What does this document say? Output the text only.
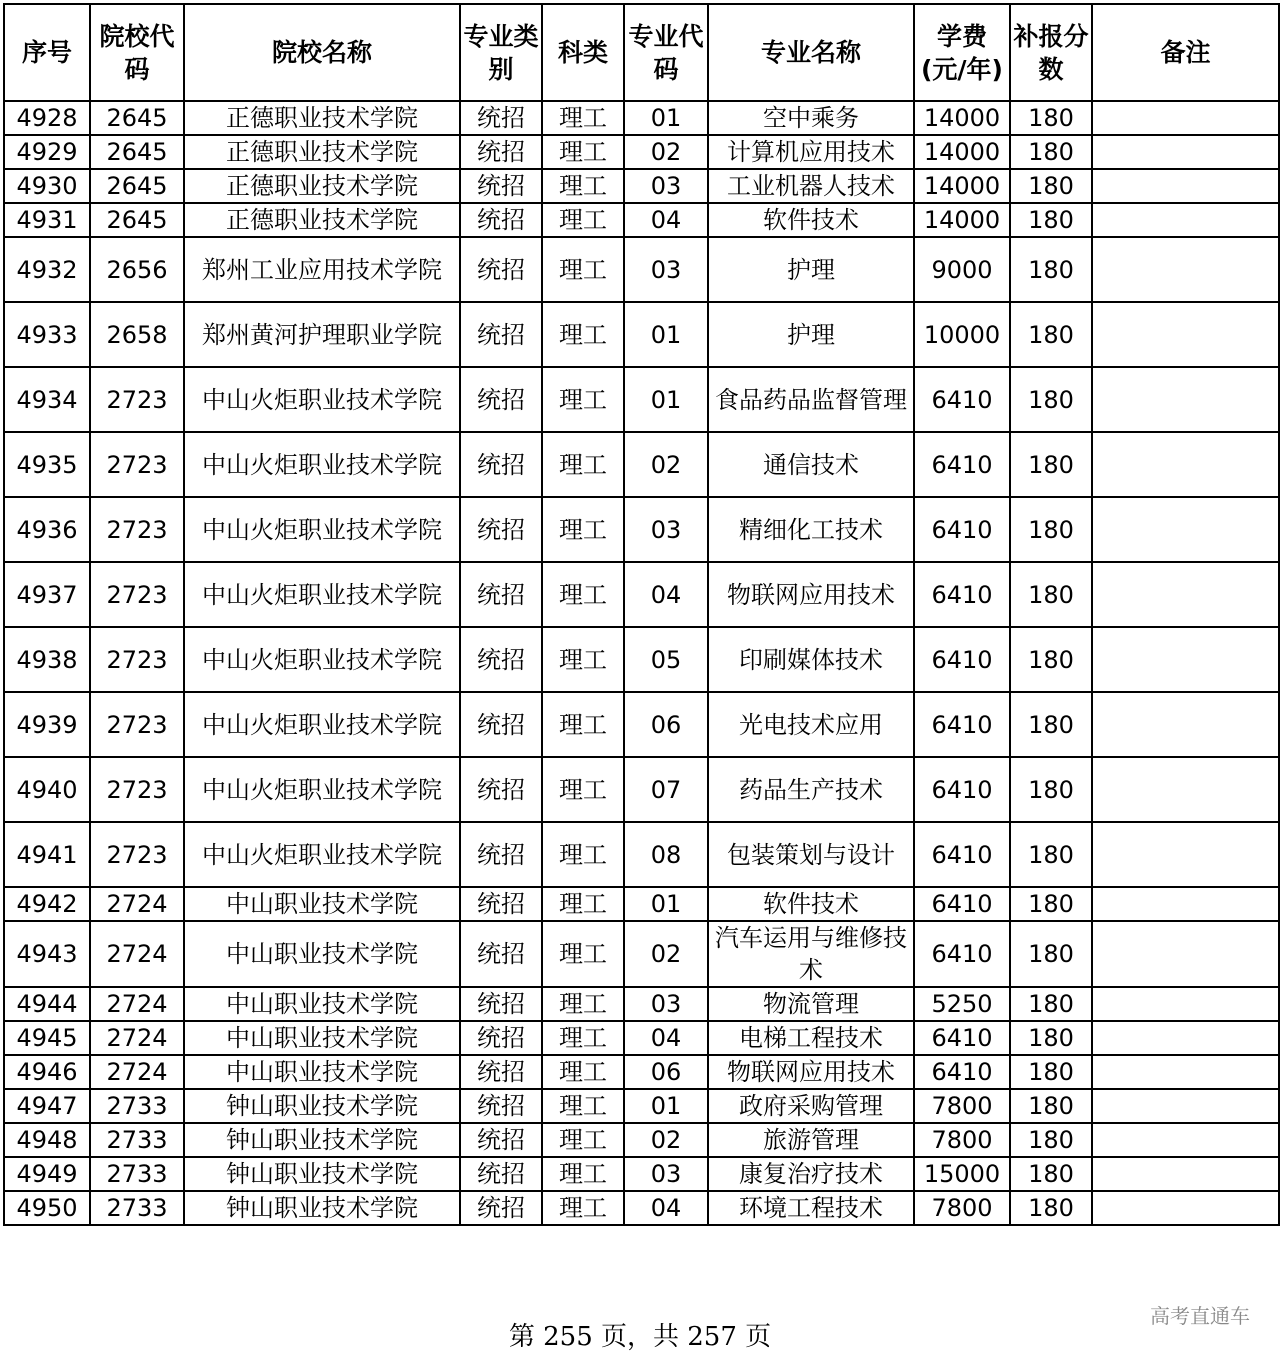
序号	院校代码	院校名称	专业类别	科类	专业代码	专业名称	学费(元/年)	补报分数	备注
4928	2645	正德职业技术学院	统招	理工	01	空中乘务	14000	180	
4929	2645	正德职业技术学院	统招	理工	02	计算机应用技术	14000	180	
4930	2645	正德职业技术学院	统招	理工	03	工业机器人技术	14000	180	
4931	2645	正德职业技术学院	统招	理工	04	软件技术	14000	180	
4932	2656	郑州工业应用技术学院	统招	理工	03	护理	9000	180	
4933	2658	郑州黄河护理职业学院	统招	理工	01	护理	10000	180	
4934	2723	中山火炬职业技术学院	统招	理工	01	食品药品监督管理	6410	180	
4935	2723	中山火炬职业技术学院	统招	理工	02	通信技术	6410	180	
4936	2723	中山火炬职业技术学院	统招	理工	03	精细化工技术	6410	180	
4937	2723	中山火炬职业技术学院	统招	理工	04	物联网应用技术	6410	180	
4938	2723	中山火炬职业技术学院	统招	理工	05	印刷媒体技术	6410	180	
4939	2723	中山火炬职业技术学院	统招	理工	06	光电技术应用	6410	180	
4940	2723	中山火炬职业技术学院	统招	理工	07	药品生产技术	6410	180	
4941	2723	中山火炬职业技术学院	统招	理工	08	包装策划与设计	6410	180	
4942	2724	中山职业技术学院	统招	理工	01	软件技术	6410	180	
4943	2724	中山职业技术学院	统招	理工	02	汽车运用与维修技术	6410	180	
4944	2724	中山职业技术学院	统招	理工	03	物流管理	5250	180	
4945	2724	中山职业技术学院	统招	理工	04	电梯工程技术	6410	180	
4946	2724	中山职业技术学院	统招	理工	06	物联网应用技术	6410	180	
4947	2733	钟山职业技术学院	统招	理工	01	政府采购管理	7800	180	
4948	2733	钟山职业技术学院	统招	理工	02	旅游管理	7800	180	
4949	2733	钟山职业技术学院	统招	理工	03	康复治疗技术	15000	180	
4950	2733	钟山职业技术学院	统招	理工	04	环境工程技术	7800	180	
第 255 页，共 257 页
高考直通车
